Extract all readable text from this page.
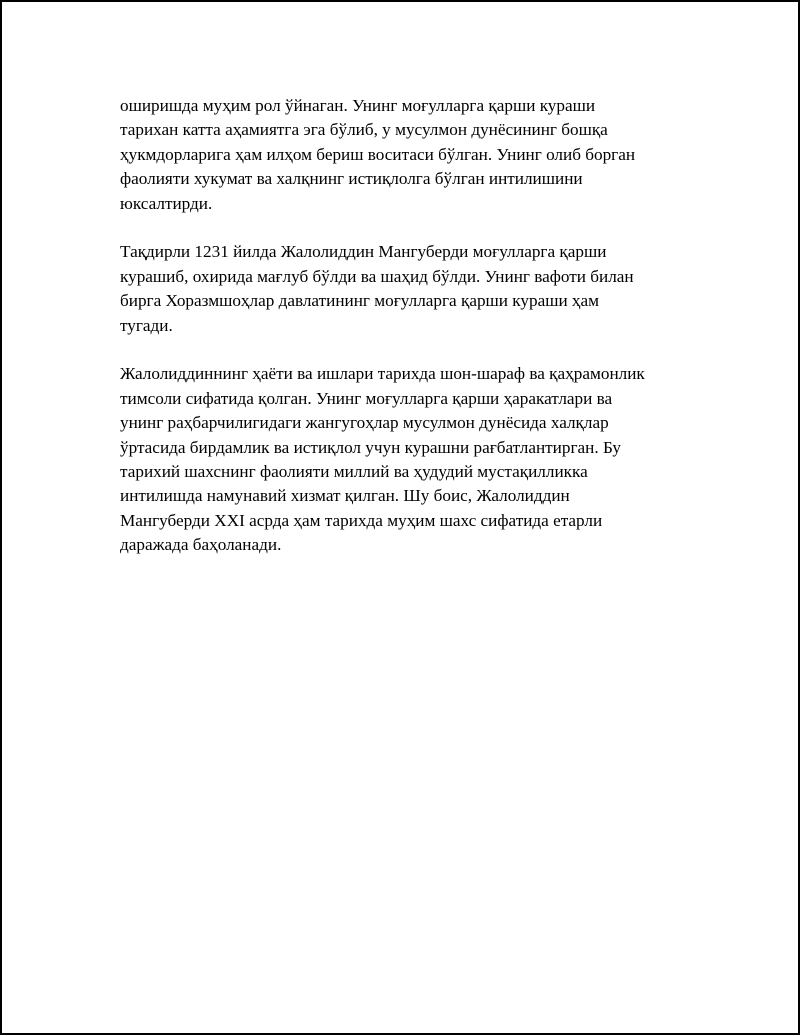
оширишда муҳим рол ўйнаган. Унинг моғулларга қарши кураши
тарихан катта аҳамиятга эга бўлиб, у мусулмон дунёсининг бошқа
ҳукмдорларига ҳам илҳом бериш воситаси бўлган. Унинг олиб борган
фаолияти хукумат ва халқнинг истиқлолга бўлган интилишини
юксалтирди.

Тақдирли 1231 йилда Жалолиддин Мангуберди моғулларга қарши
курашиб, охирида мағлуб бўлди ва шаҳид бўлди. Унинг вафоти билан
бирга Хоразмшоҳлар давлатининг моғулларга қарши кураши ҳам
тугади.

Жалолиддиннинг ҳаёти ва ишлари тарихда шон-шараф ва қаҳрамонлик
тимсоли сифатида қолган. Унинг моғулларга қарши ҳаракатлари ва
унинг раҳбарчилигидаги жангугоҳлар мусулмон дунёсида халқлар
ўртасида бирдамлик ва истиқлол учун курашни рағбатлантирган. Бу
тарихий шахснинг фаолияти миллий ва ҳудудий мустақилликка
интилишда намунавий хизмат қилган. Шу боис, Жалолиддин
Мангуберди XXI асрда ҳам тарихда муҳим шахс сифатида етарли
даражада баҳоланади.
